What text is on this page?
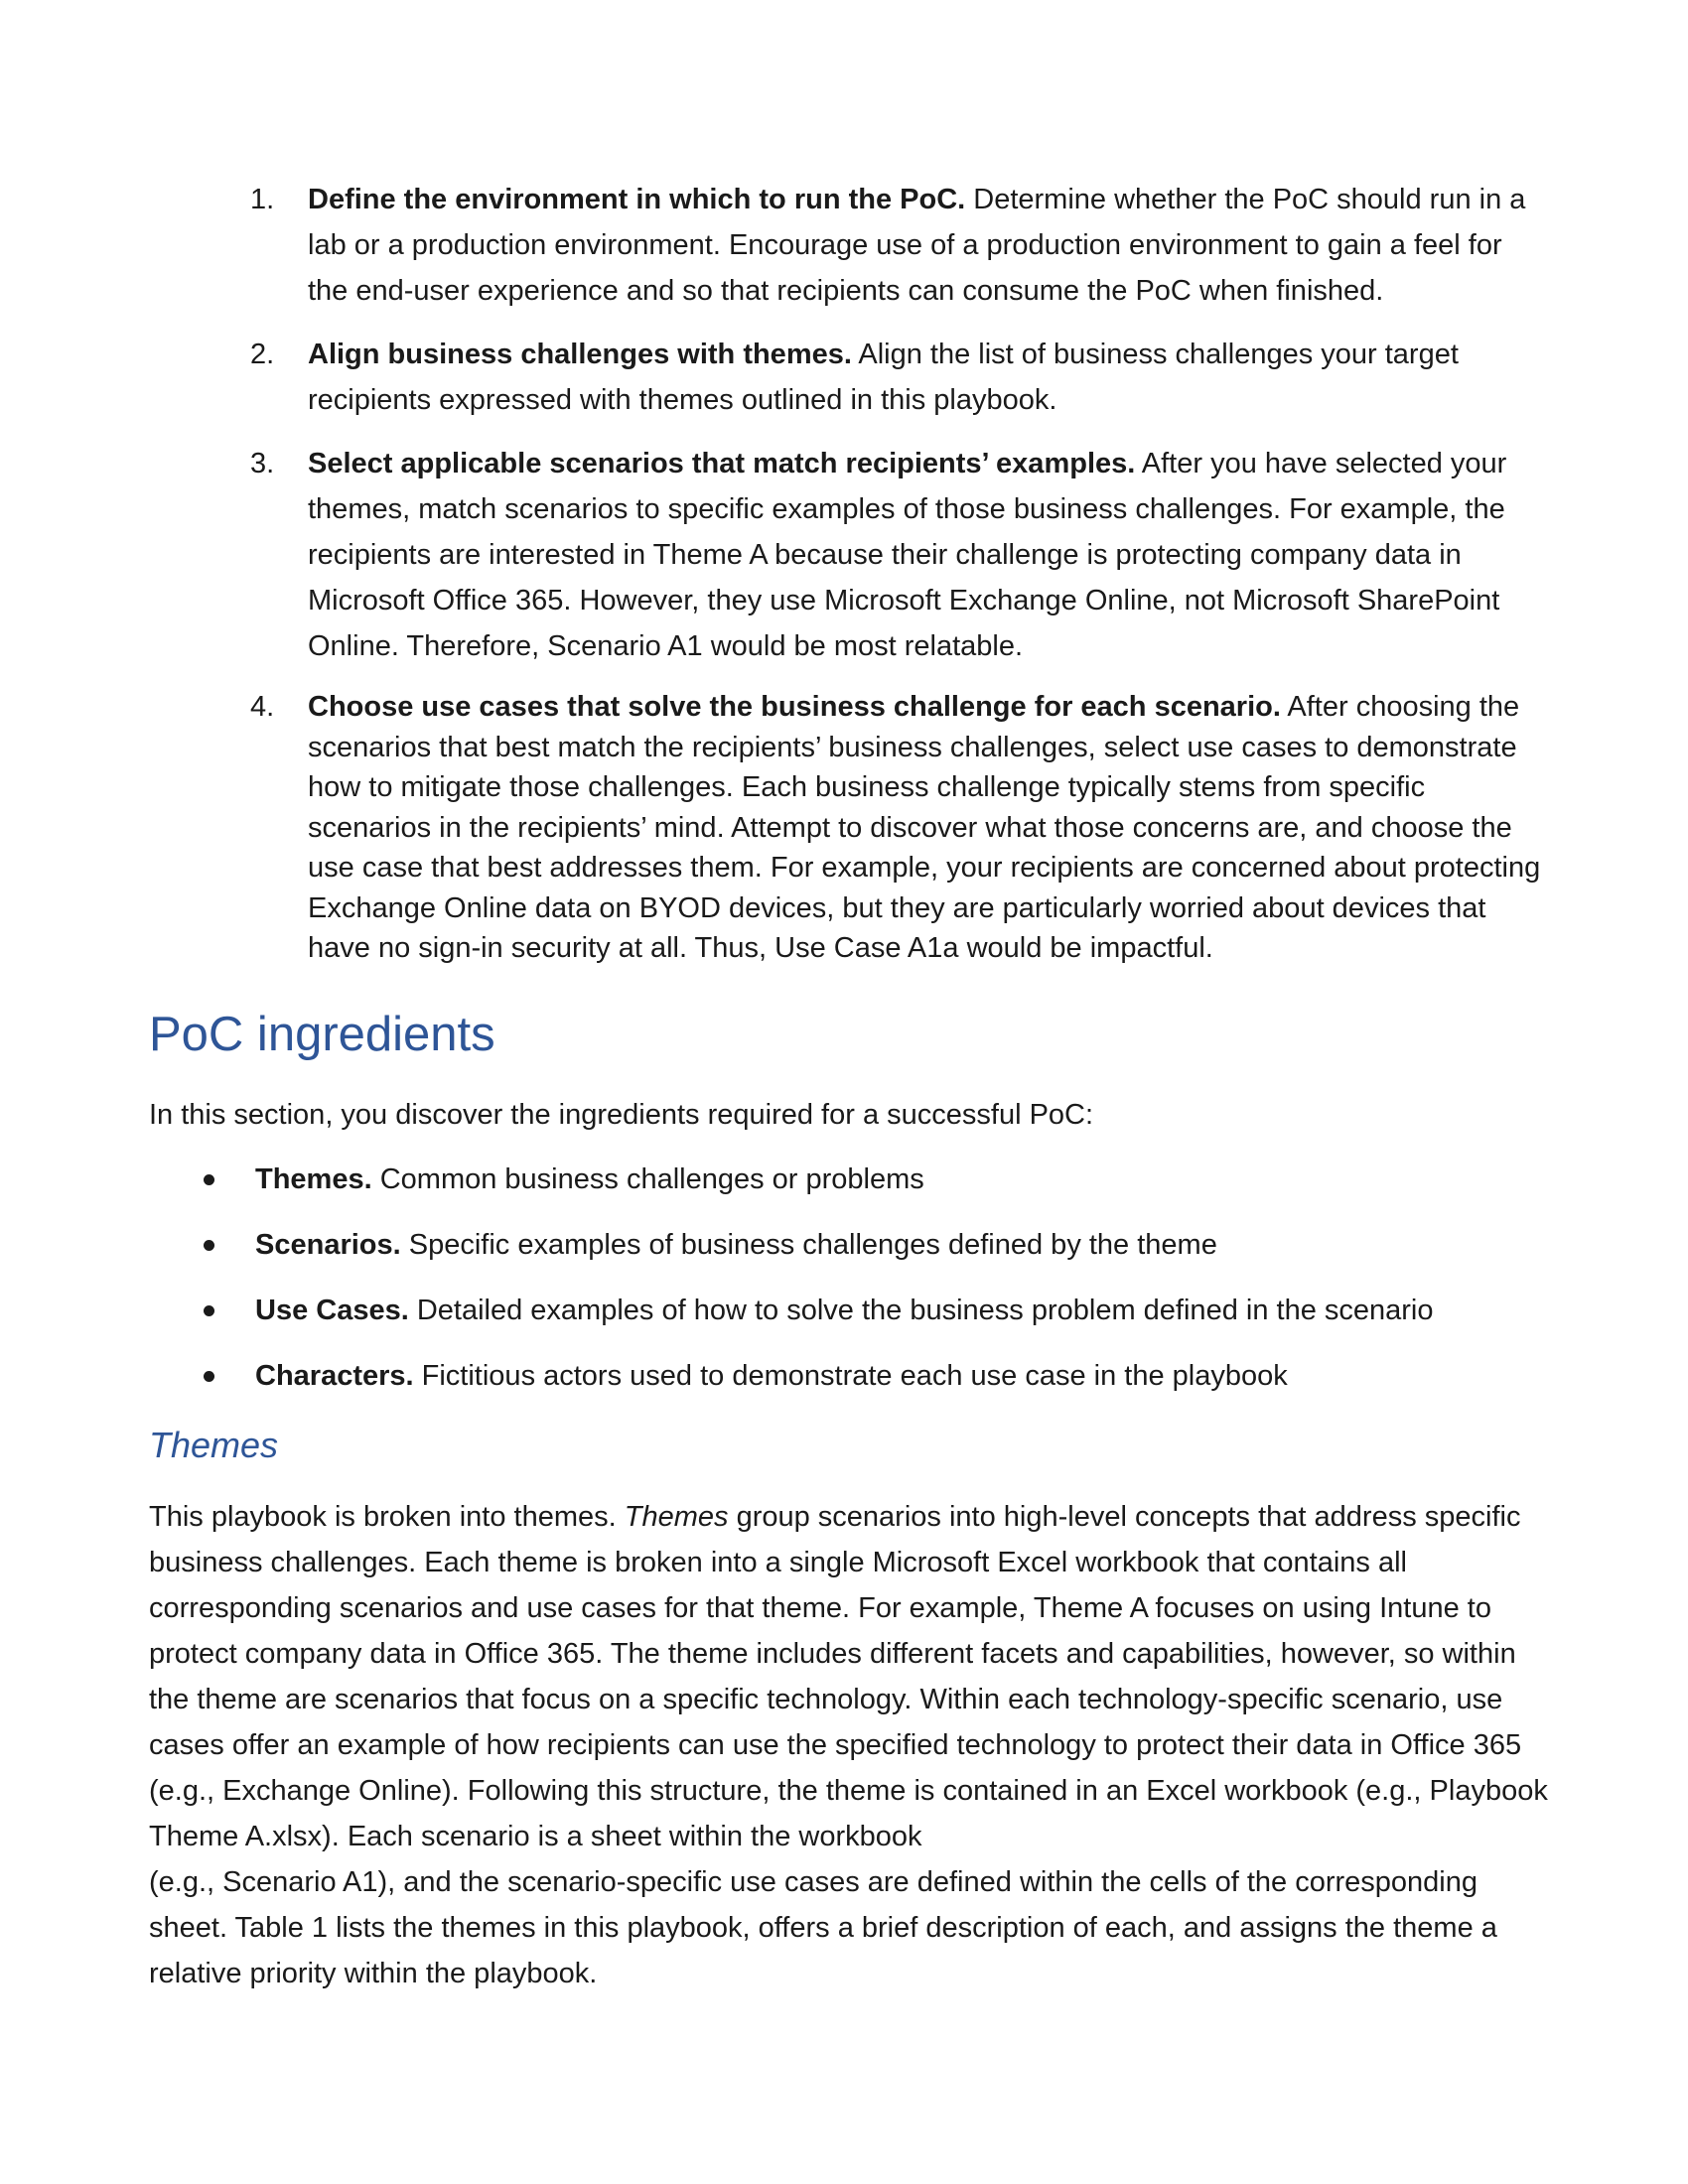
1.	Define the environment in which to run the PoC. Determine whether the PoC should run in a lab or a production environment. Encourage use of a production environment to gain a feel for the end-user experience and so that recipients can consume the PoC when finished.

2.	Align business challenges with themes. Align the list of business challenges your target recipients expressed with themes outlined in this playbook.

3.	Select applicable scenarios that match recipients’ examples. After you have selected your themes, match scenarios to specific examples of those business challenges. For example, the recipients are interested in Theme A because their challenge is protecting company data in Microsoft Office 365. However, they use Microsoft Exchange Online, not Microsoft SharePoint Online. Therefore, Scenario A1 would be most relatable.

4.	Choose use cases that solve the business challenge for each scenario. After choosing the scenarios that best match the recipients’ business challenges, select use cases to demonstrate how to mitigate those challenges. Each business challenge typically stems from specific scenarios in the recipients’ mind. Attempt to discover what those concerns are, and choose the use case that best addresses them. For example, your recipients are concerned about protecting Exchange Online data on BYOD devices, but they are particularly worried about devices that have no sign-in security at all. Thus, Use Case A1a would be impactful.

PoC ingredients

In this section, you discover the ingredients required for a successful PoC:

Themes. Common business challenges or problems
Scenarios. Specific examples of business challenges defined by the theme
Use Cases. Detailed examples of how to solve the business problem defined in the scenario
Characters. Fictitious actors used to demonstrate each use case in the playbook
Themes

This playbook is broken into themes. Themes group scenarios into high-level concepts that address specific business challenges. Each theme is broken into a single Microsoft Excel workbook that contains all corresponding scenarios and use cases for that theme. For example, Theme A focuses on using Intune to protect company data in Office 365. The theme includes different facets and capabilities, however, so within the theme are scenarios that focus on a specific technology. Within each technology-specific scenario, use cases offer an example of how recipients can use the specified technology to protect their data in Office 365 (e.g., Exchange Online). Following this structure, the theme is contained in an Excel workbook (e.g., Playbook Theme A.xlsx). Each scenario is a sheet within the workbook
(e.g., Scenario A1), and the scenario-specific use cases are defined within the cells of the corresponding sheet. Table 1 lists the themes in this playbook, offers a brief description of each, and assigns the theme a relative priority within the playbook.
